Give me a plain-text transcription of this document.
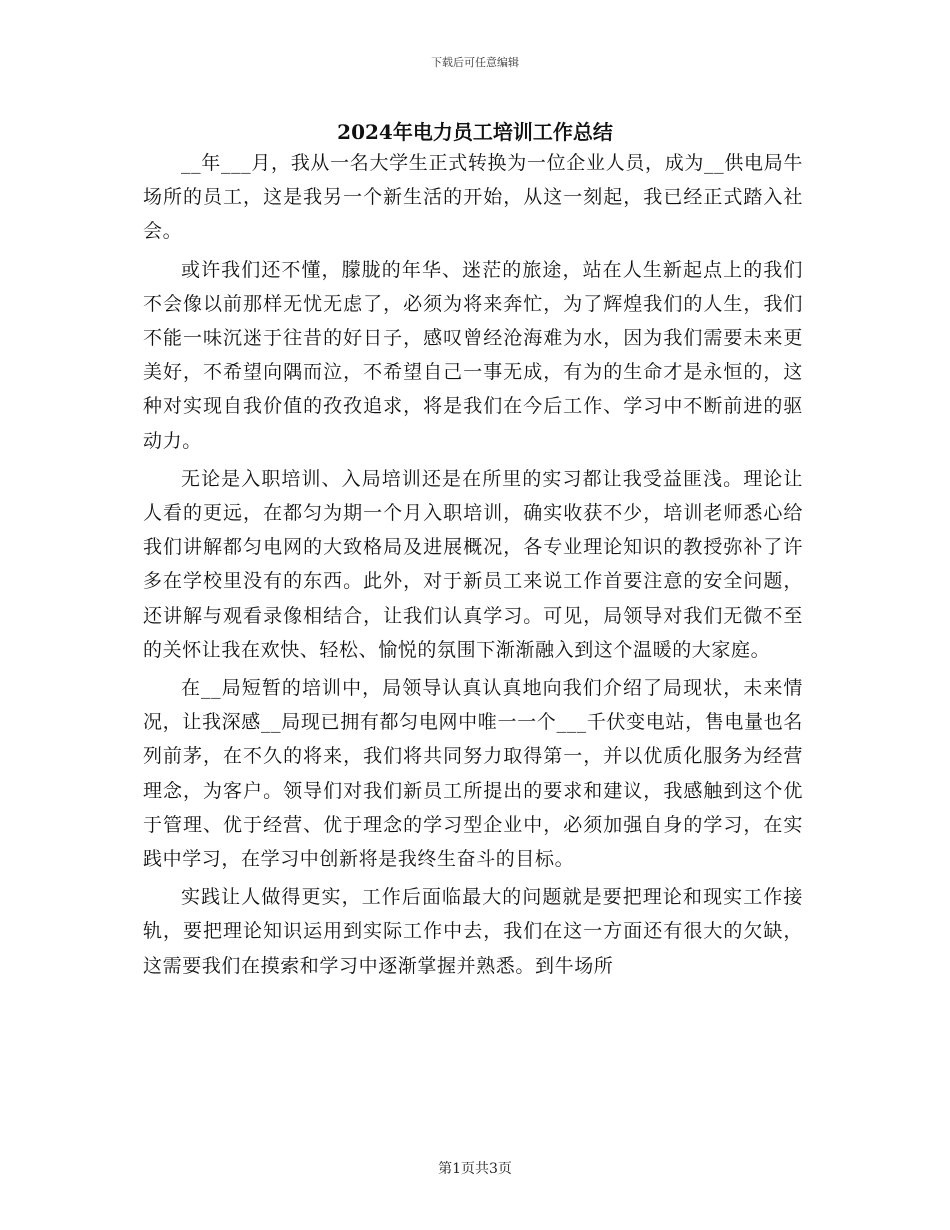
下载后可任意编辑
2024年电力员工培训工作总结

__年___月，我从一名大学生正式转换为一位企业人员，成为__供电局牛场所的员工，这是我另一个新生活的开始，从这一刻起，我已经正式踏入社会。

或许我们还不懂，朦胧的年华、迷茫的旅途，站在人生新起点上的我们不会像以前那样无忧无虑了，必须为将来奔忙，为了辉煌我们的人生，我们不能一味沉迷于往昔的好日子，感叹曾经沧海难为水，因为我们需要未来更美好，不希望向隅而泣，不希望自己一事无成，有为的生命才是永恒的，这种对实现自我价值的孜孜追求，将是我们在今后工作、学习中不断前进的驱动力。

无论是入职培训、入局培训还是在所里的实习都让我受益匪浅。理论让人看的更远，在都匀为期一个月入职培训，确实收获不少，培训老师悉心给我们讲解都匀电网的大致格局及进展概况，各专业理论知识的教授弥补了许多在学校里没有的东西。此外，对于新员工来说工作首要注意的安全问题，还讲解与观看录像相结合，让我们认真学习。可见，局领导对我们无微不至的关怀让我在欢快、轻松、愉悦的氛围下渐渐融入到这个温暖的大家庭。

在__局短暂的培训中，局领导认真认真地向我们介绍了局现状，未来情况，让我深感__局现已拥有都匀电网中唯一一个___千伏变电站，售电量也名列前茅，在不久的将来，我们将共同努力取得第一，并以优质化服务为经营理念，为客户。领导们对我们新员工所提出的要求和建议，我感触到这个优于管理、优于经营、优于理念的学习型企业中，必须加强自身的学习，在实践中学习，在学习中创新将是我终生奋斗的目标。

实践让人做得更实，工作后面临最大的问题就是要把理论和现实工作接轨，要把理论知识运用到实际工作中去，我们在这一方面还有很大的欠缺，这需要我们在摸索和学习中逐渐掌握并熟悉。到牛场所

第1页共3页
